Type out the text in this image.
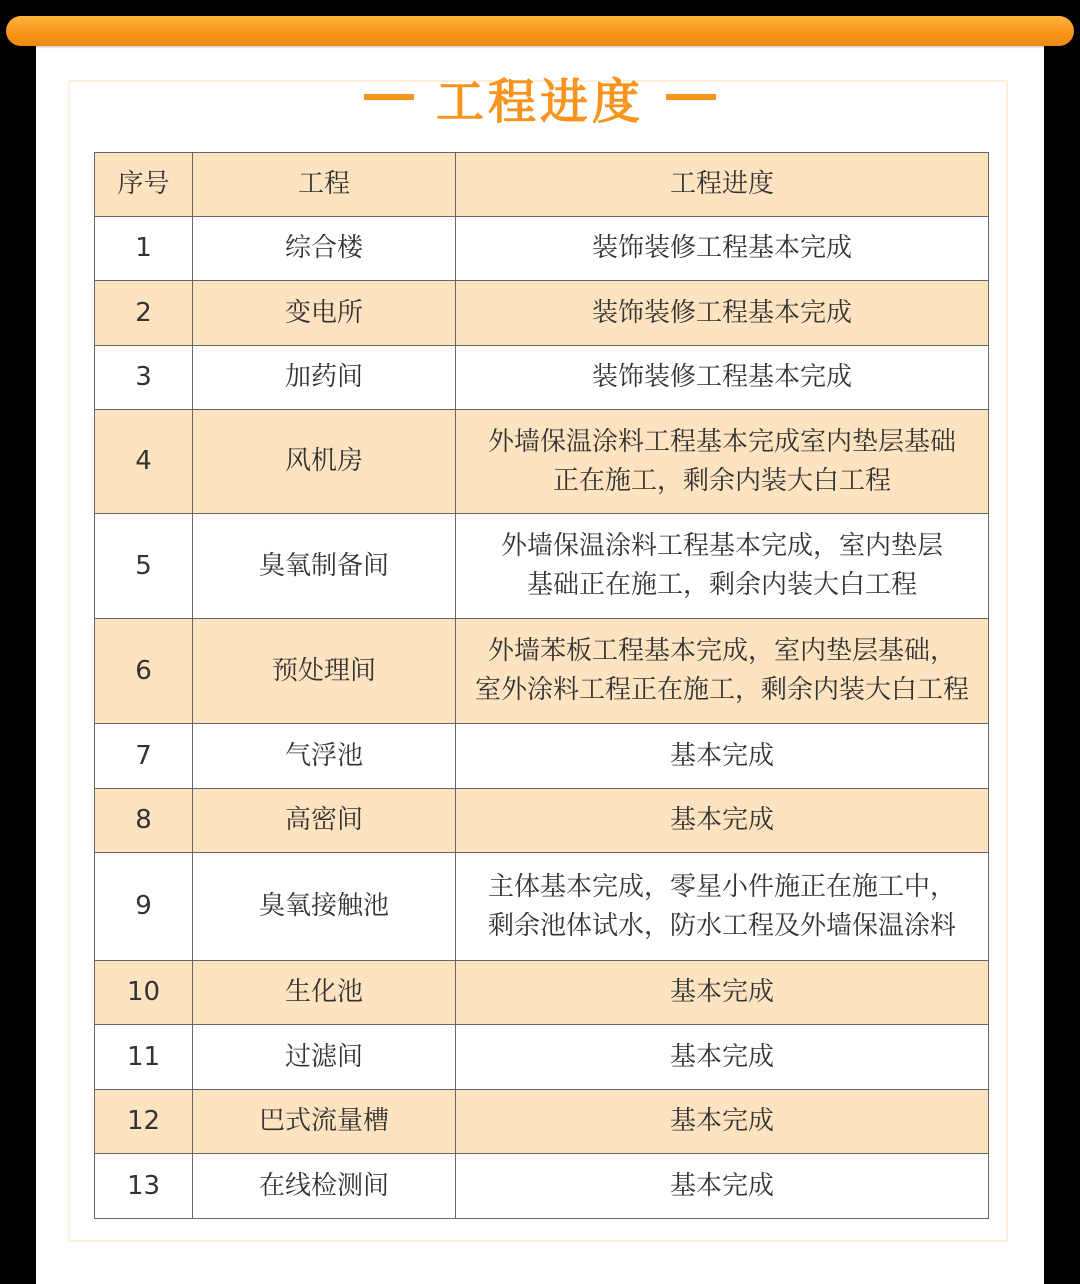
工程进度
序号	工程	工程进度
1	综合楼	装饰装修工程基本完成

2	变电所	装饰装修工程基本完成

3	加药间	装饰装修工程基本完成

4	风机房	外墙保温涂料工程基本完成室内垫层基础
正在施工，剩余内装大白工程

5	臭氧制备间	外墙保温涂料工程基本完成，室内垫层
基础正在施工，剩余内装大白工程

6	预处理间	外墙苯板工程基本完成，室内垫层基础，
室外涂料工程正在施工，剩余内装大白工程

7	气浮池	基本完成

8	高密间	基本完成

9	臭氧接触池	主体基本完成，零星小件施正在施工中，
剩余池体试水，防水工程及外墙保温涂料

10	生化池	基本完成

11	过滤间	基本完成

12	巴式流量槽	基本完成

13	在线检测间	基本完成
